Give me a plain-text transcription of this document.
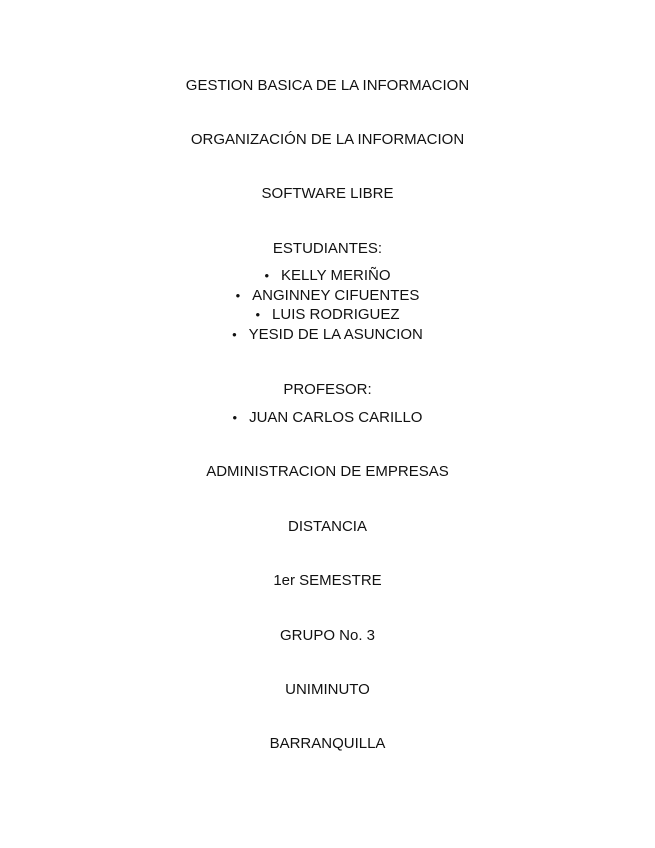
GESTION BASICA DE LA INFORMACION
ORGANIZACIÓN DE LA INFORMACION
SOFTWARE LIBRE
ESTUDIANTES:
• KELLY MERIÑO
• ANGINNEY CIFUENTES
• LUIS RODRIGUEZ
• YESID DE LA ASUNCION
PROFESOR:
• JUAN CARLOS CARILLO
ADMINISTRACION DE EMPRESAS
DISTANCIA
1er SEMESTRE
GRUPO No. 3
UNIMINUTO
BARRANQUILLA
